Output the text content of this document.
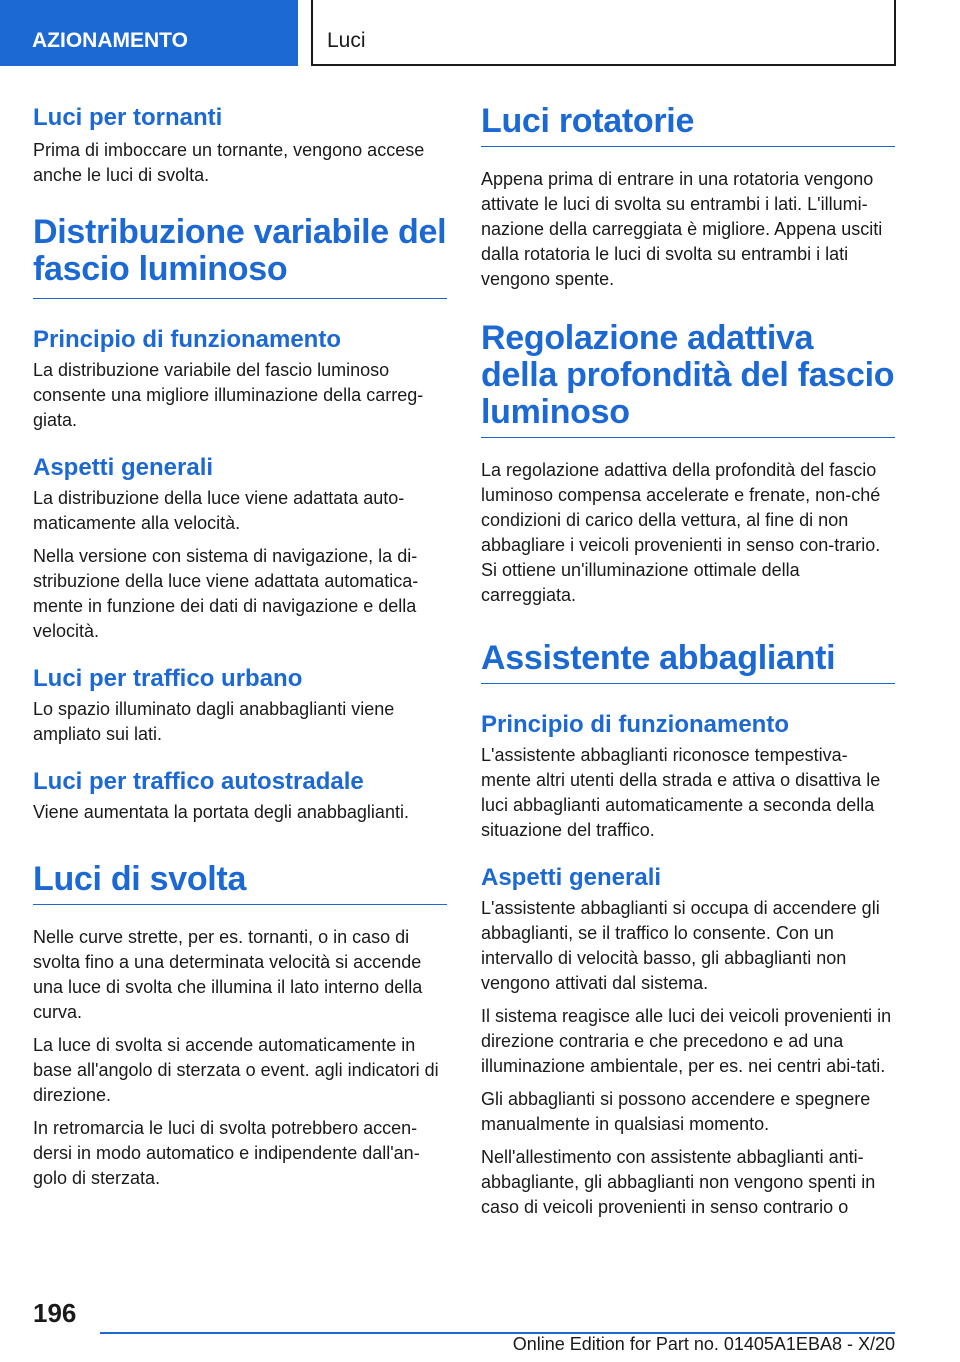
AZIONAMENTO	Luci
Luci per tornanti

Prima di imboccare un tornante, vengono accese anche le luci di svolta.

Distribuzione variabile del fascio luminoso
Principio di funzionamento

La distribuzione variabile del fascio luminoso consente una migliore illuminazione della carreg‐giata.

Aspetti generali

La distribuzione della luce viene adattata auto‐maticamente alla velocità.

Nella versione con sistema di navigazione, la di‐stribuzione della luce viene adattata automatica‐mente in funzione dei dati di navigazione e della velocità.

Luci per traffico urbano

Lo spazio illuminato dagli anabbaglianti viene ampliato sui lati.

Luci per traffico autostradale

Viene aumentata la portata degli anabbaglianti.

Luci di svolta

Nelle curve strette, per es. tornanti, o in caso di svolta fino a una determinata velocità si accende una luce di svolta che illumina il lato interno della curva.

La luce di svolta si accende automaticamente in base all'angolo di sterzata o event. agli indicatori di direzione.

In retromarcia le luci di svolta potrebbero accen‐dersi in modo automatico e indipendente dall'an‐golo di sterzata.

Luci rotatorie

Appena prima di entrare in una rotatoria vengono attivate le luci di svolta su entrambi i lati. L'illumi‐nazione della carreggiata è migliore. Appena usciti dalla rotatoria le luci di svolta su entrambi i lati vengono spente.

Regolazione adattiva della profondità del fascio luminoso

La regolazione adattiva della profondità del fascio luminoso compensa accelerate e frenate, non‐ché condizioni di carico della vettura, al fine di non abbagliare i veicoli provenienti in senso con‐trario. Si ottiene un'illuminazione ottimale della carreggiata.

Assistente abbaglianti
Principio di funzionamento

L'assistente abbaglianti riconosce tempestiva‐mente altri utenti della strada e attiva o disattiva le luci abbaglianti automaticamente a seconda della situazione del traffico.

Aspetti generali

L'assistente abbaglianti si occupa di accendere gli abbaglianti, se il traffico lo consente. Con un intervallo di velocità basso, gli abbaglianti non vengono attivati dal sistema.

Il sistema reagisce alle luci dei veicoli provenienti in direzione contraria e che precedono e ad una illuminazione ambientale, per es. nei centri abi‐tati.

Gli abbaglianti si possono accendere e spegnere manualmente in qualsiasi momento.

Nell'allestimento con assistente abbaglianti anti‐abbagliante, gli abbaglianti non vengono spenti in caso di veicoli provenienti in senso contrario o

196
Online Edition for Part no. 01405A1EBA8 - X/20
